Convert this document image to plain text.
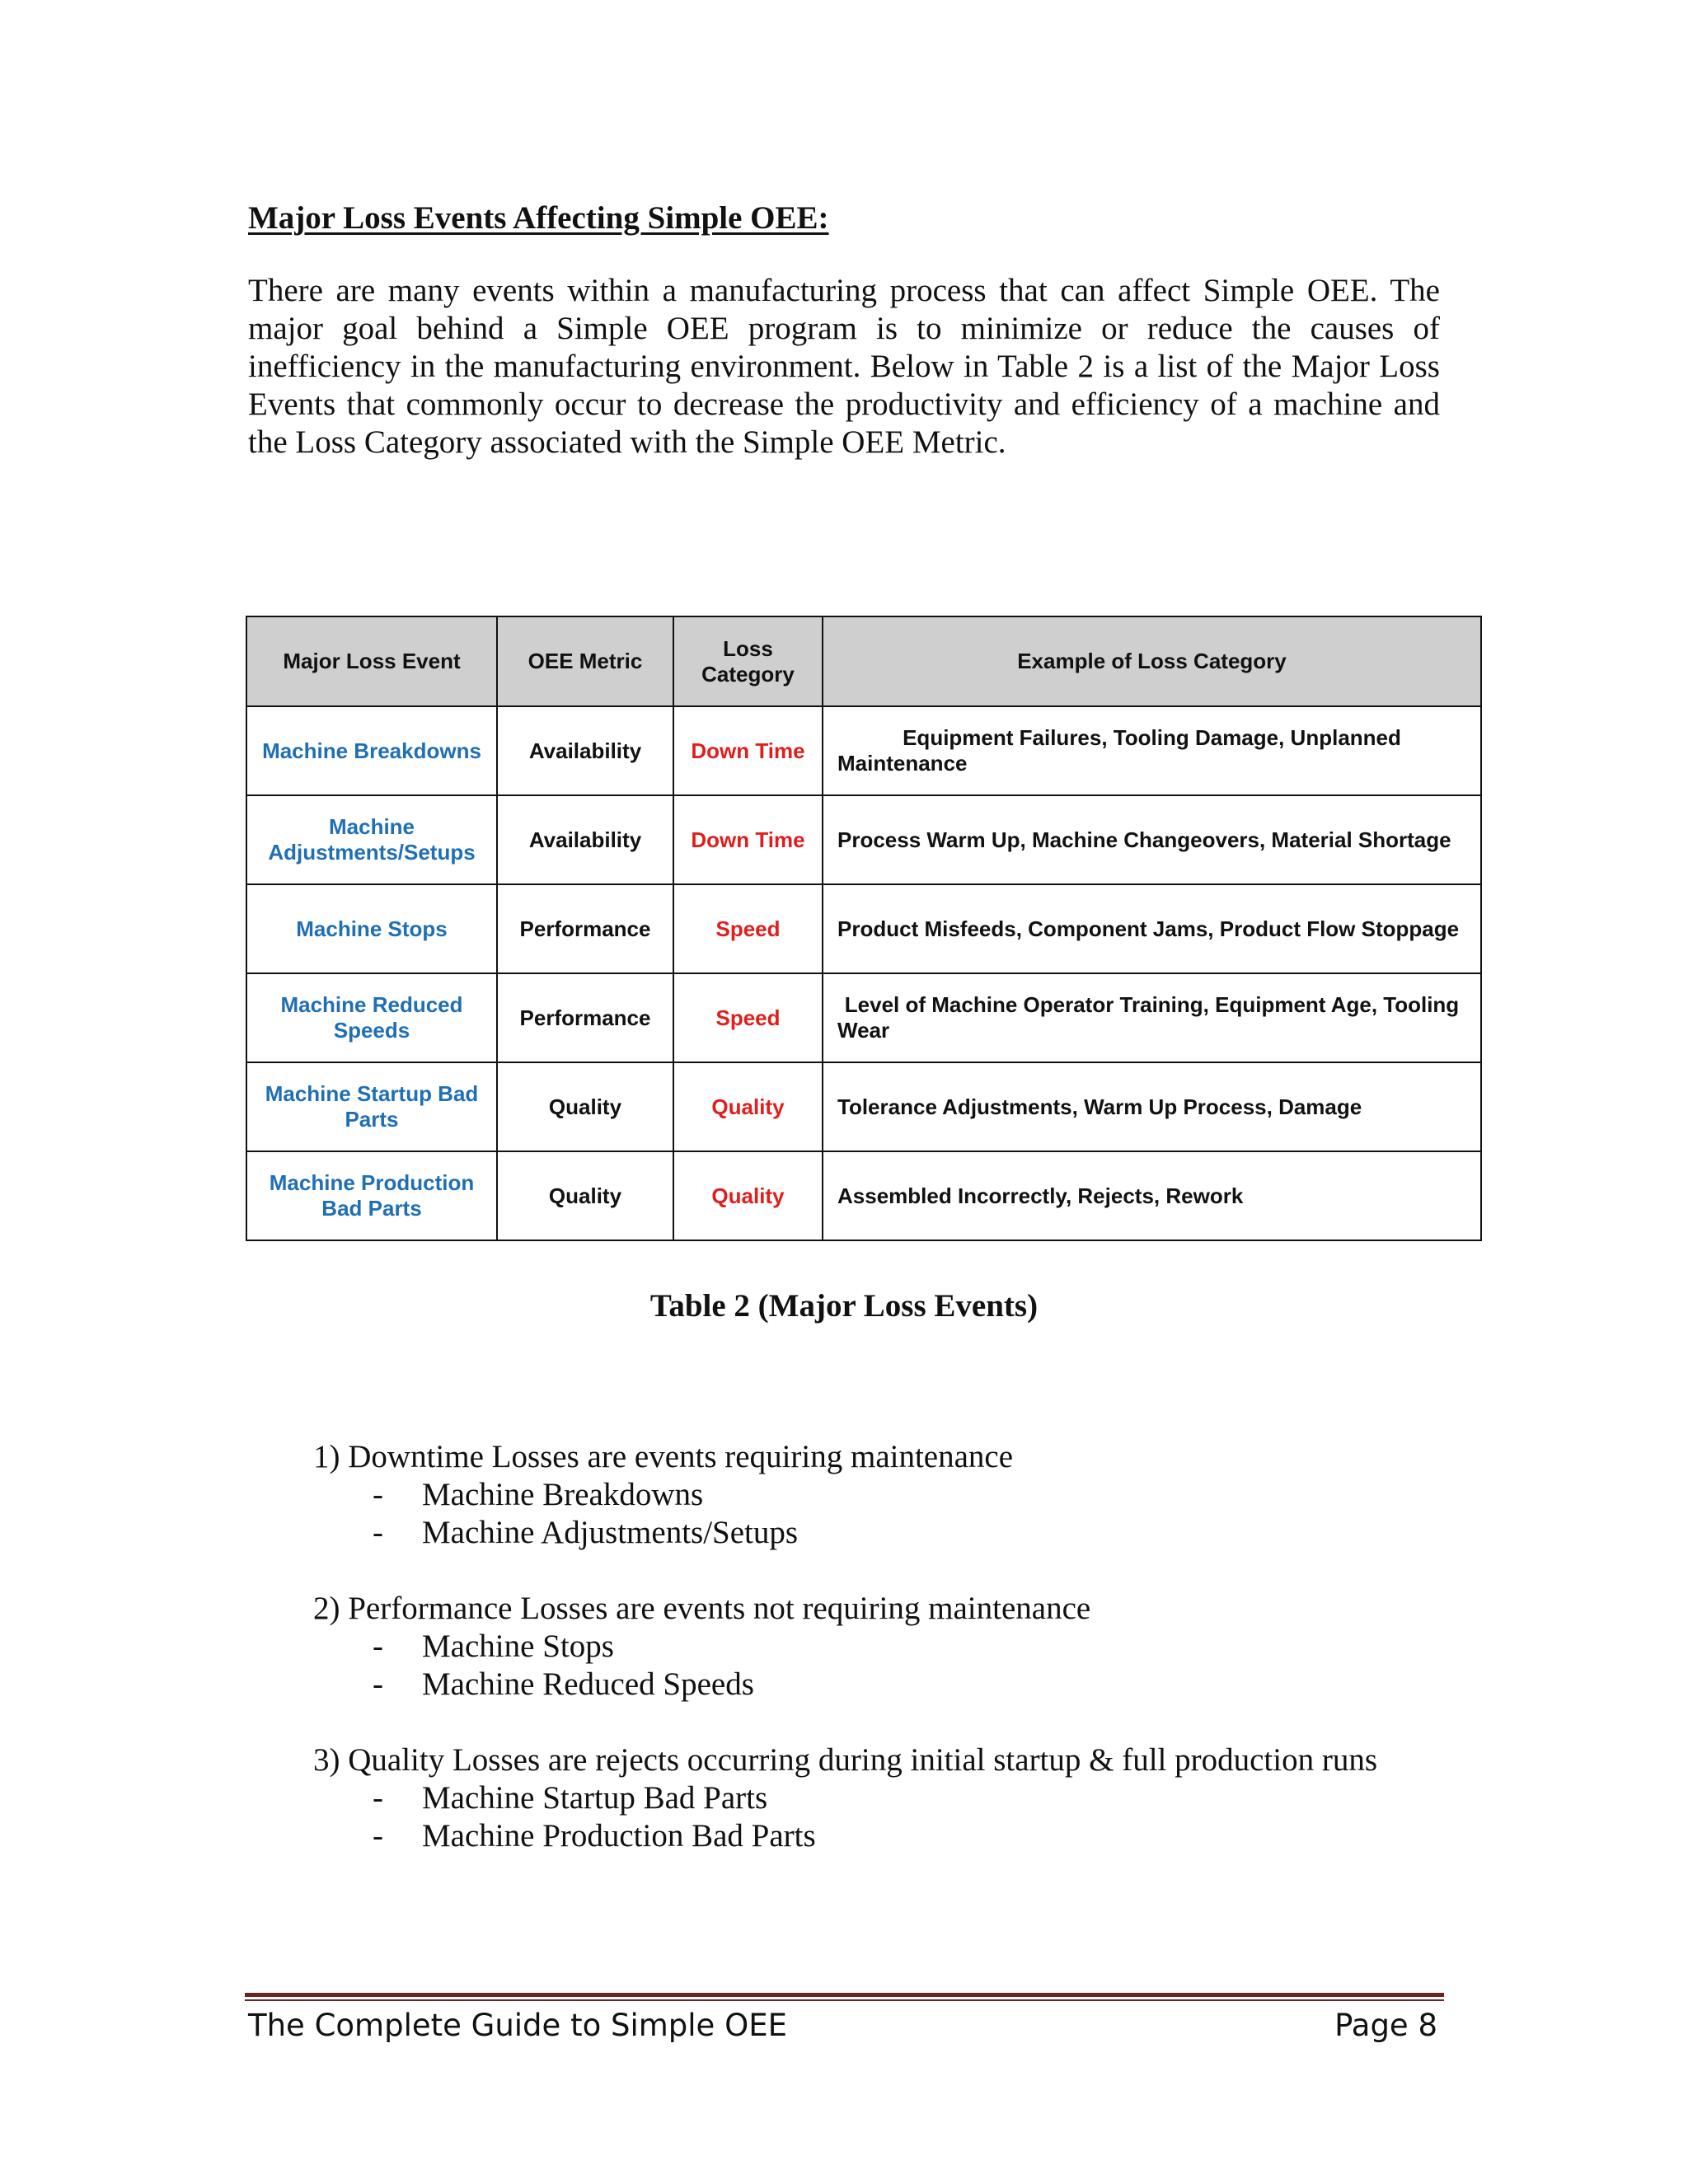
Major Loss Events Affecting Simple OEE:

There are many events within a manufacturing process that can affect Simple OEE. The major goal behind a Simple OEE program is to minimize or reduce the causes of inefficiency in the manufacturing environment. Below in Table 2 is a list of the Major Loss Events that commonly occur to decrease the productivity and efficiency of a machine and the Loss Category associated with the Simple OEE Metric.

Major Loss Event	OEE Metric	Loss Category	Example of Loss Category
Machine Breakdowns	Availability	Down Time	Equipment Failures, Tooling Damage, Unplanned Maintenance
Machine Adjustments/Setups	Availability	Down Time	Process Warm Up, Machine Changeovers, Material Shortage
Machine Stops	Performance	Speed	Product Misfeeds, Component Jams, Product Flow Stoppage
Machine Reduced Speeds	Performance	Speed	Level of Machine Operator Training, Equipment Age, Tooling Wear
Machine Startup Bad Parts	Quality	Quality	Tolerance Adjustments, Warm Up Process, Damage
Machine Production Bad Parts	Quality	Quality	Assembled Incorrectly, Rejects, Rework
Table 2 (Major Loss Events)
1) Downtime Losses are events requiring maintenance
- Machine Breakdowns
- Machine Adjustments/Setups
2) Performance Losses are events not requiring maintenance
- Machine Stops
- Machine Reduced Speeds
3) Quality Losses are rejects occurring during initial startup & full production runs
- Machine Startup Bad Parts
- Machine Production Bad Parts
The Complete Guide to Simple OEE	Page 8
